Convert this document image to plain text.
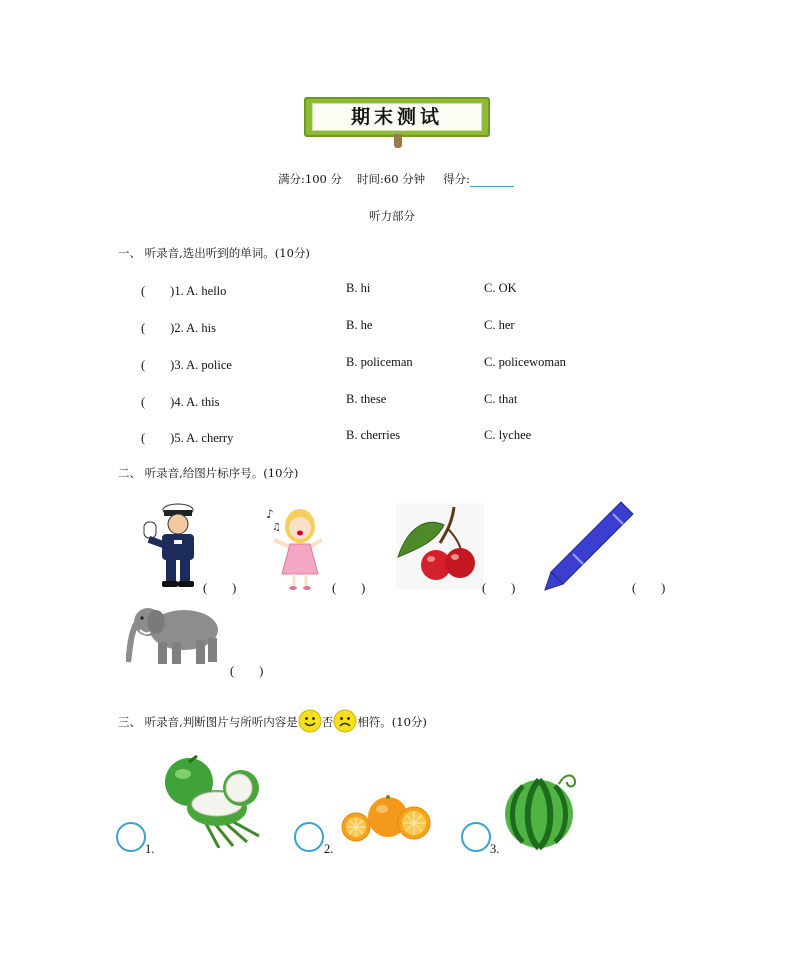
期末测试
满分:100 分 时间:60 分钟 得分:
听力部分
一、 听录音,选出听到的单词。(10分)
(　　)1. A. hello	B. hi	C. OK
(　　)2. A. his	B. he	C. her
(　　)3. A. police	B. policeman	C. policewoman
(　　)4. A. this	B. these	C. that
(　　)5. A. cherry	B. cherries	C. lychee
二、 听录音,给图片标序号。(10分)
(　　)
♪
♫
(　　)	(　　)	(　　)
(　　)
三、 听录音,判断图片与所听内容是 否 相符。(10分)
1.	2.	3.
